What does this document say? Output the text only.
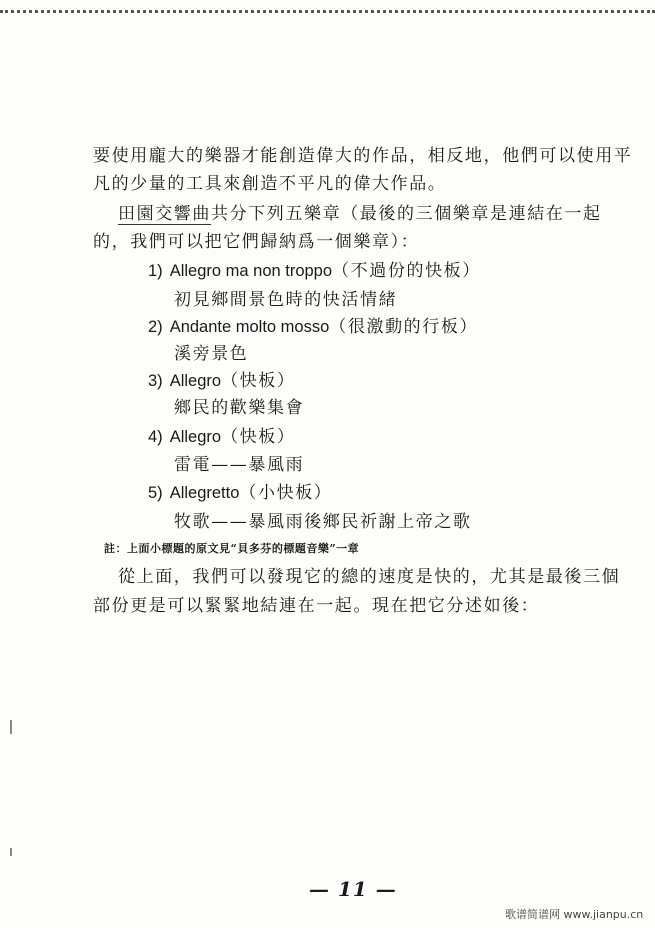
要使用龐大的樂器才能創造偉大的作品，相反地，他們可以使用平
凡的少量的工具來創造不平凡的偉大作品。
田園交響曲共分下列五樂章（最後的三個樂章是連結在一起
的，我們可以把它們歸納爲一個樂章）：
1) Allegro ma non troppo（不過份的快板）
初見鄉間景色時的快活情緒
2) Andante molto mosso（很激動的行板）
溪旁景色
3) Allegro（快板）
鄉民的歡樂集會
4) Allegro（快板）
雷電——暴風雨
5) Allegretto（小快板）
牧歌——暴風雨後鄉民祈謝上帝之歌
註：上面小標題的原文見“貝多芬的標題音樂”一章
從上面，我們可以發現它的總的速度是快的，尤其是最後三個
部份更是可以緊緊地結連在一起。現在把它分述如後：
— 11 —
歌谱简谱网 www.jianpu.cn
